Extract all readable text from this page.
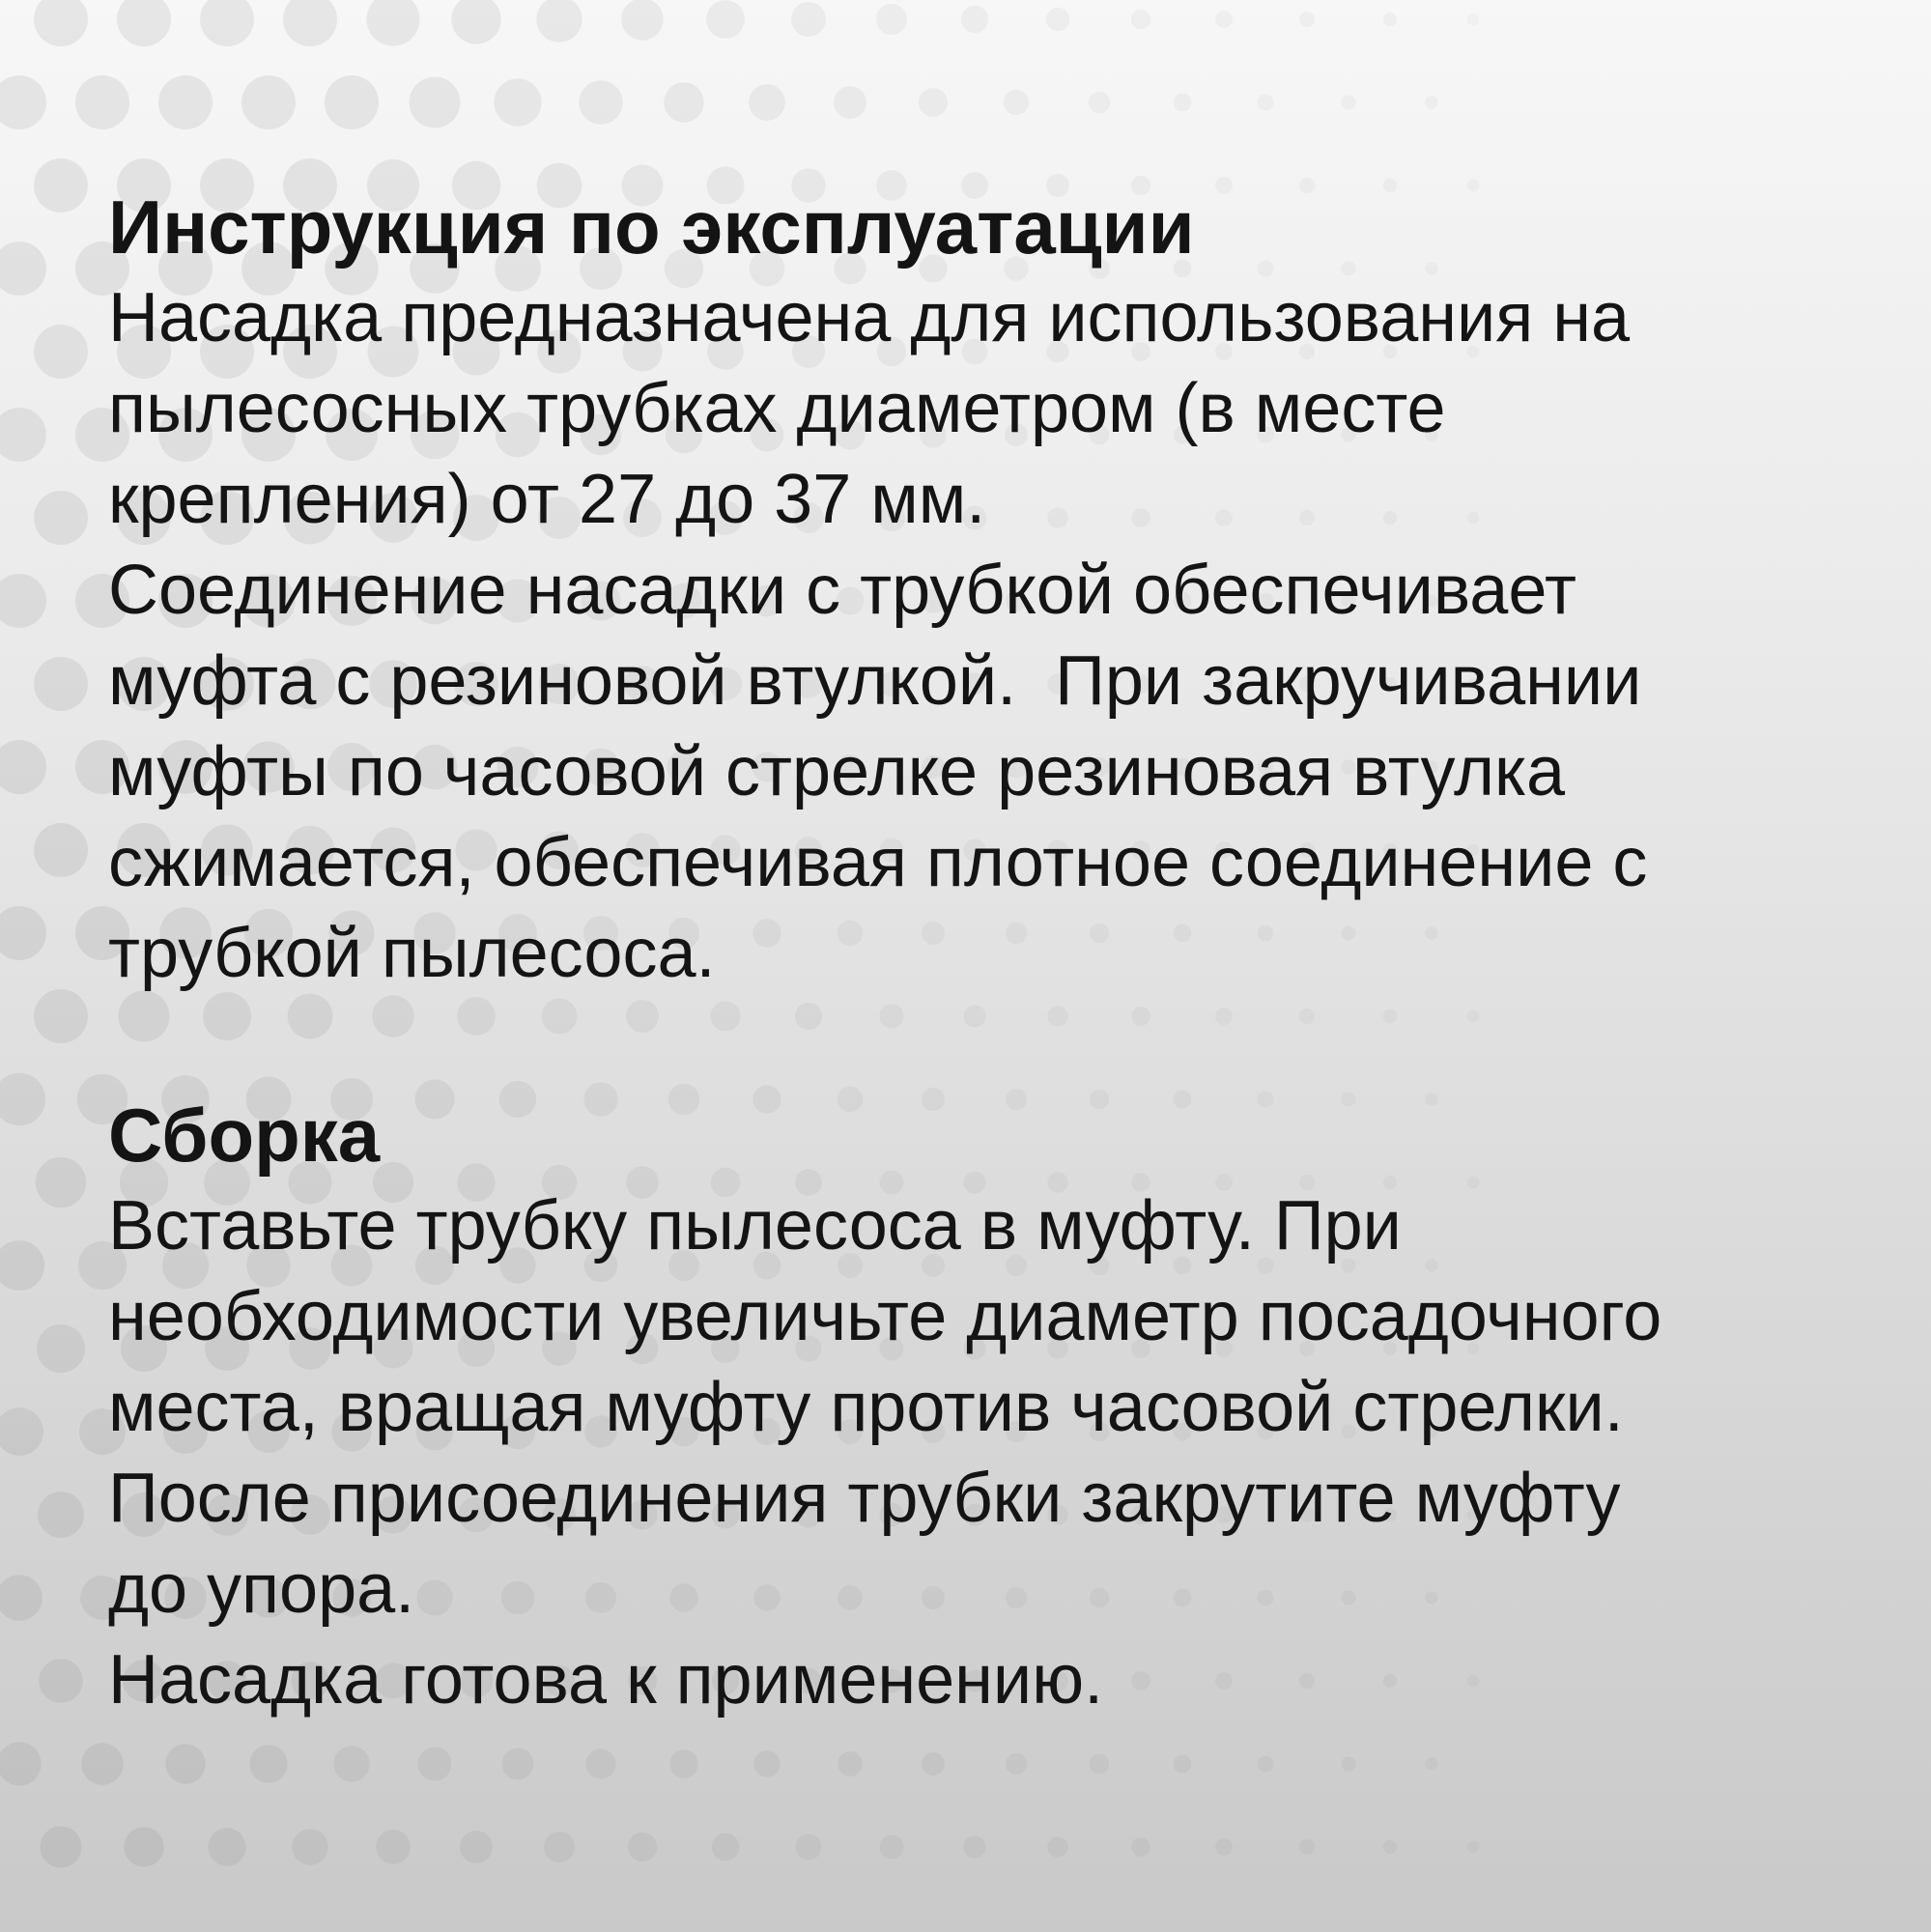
Инструкция по эксплуатации

Насадка предназначена для использования на

пылесосных трубках диаметром (в месте

крепления) от 27 до 37 мм.

Соединение насадки с трубкой обеспечивает

муфта с резиновой втулкой.  При закручивании

муфты по часовой стрелке резиновая втулка

сжимается, обеспечивая плотное соединение с

трубкой пылесоса.

Сборка

Вставьте трубку пылесоса в муфту. При

необходимости увеличьте диаметр посадочного

места, вращая муфту против часовой стрелки.

После присоединения трубки закрутите муфту

до упора.

Насадка готова к применению.
